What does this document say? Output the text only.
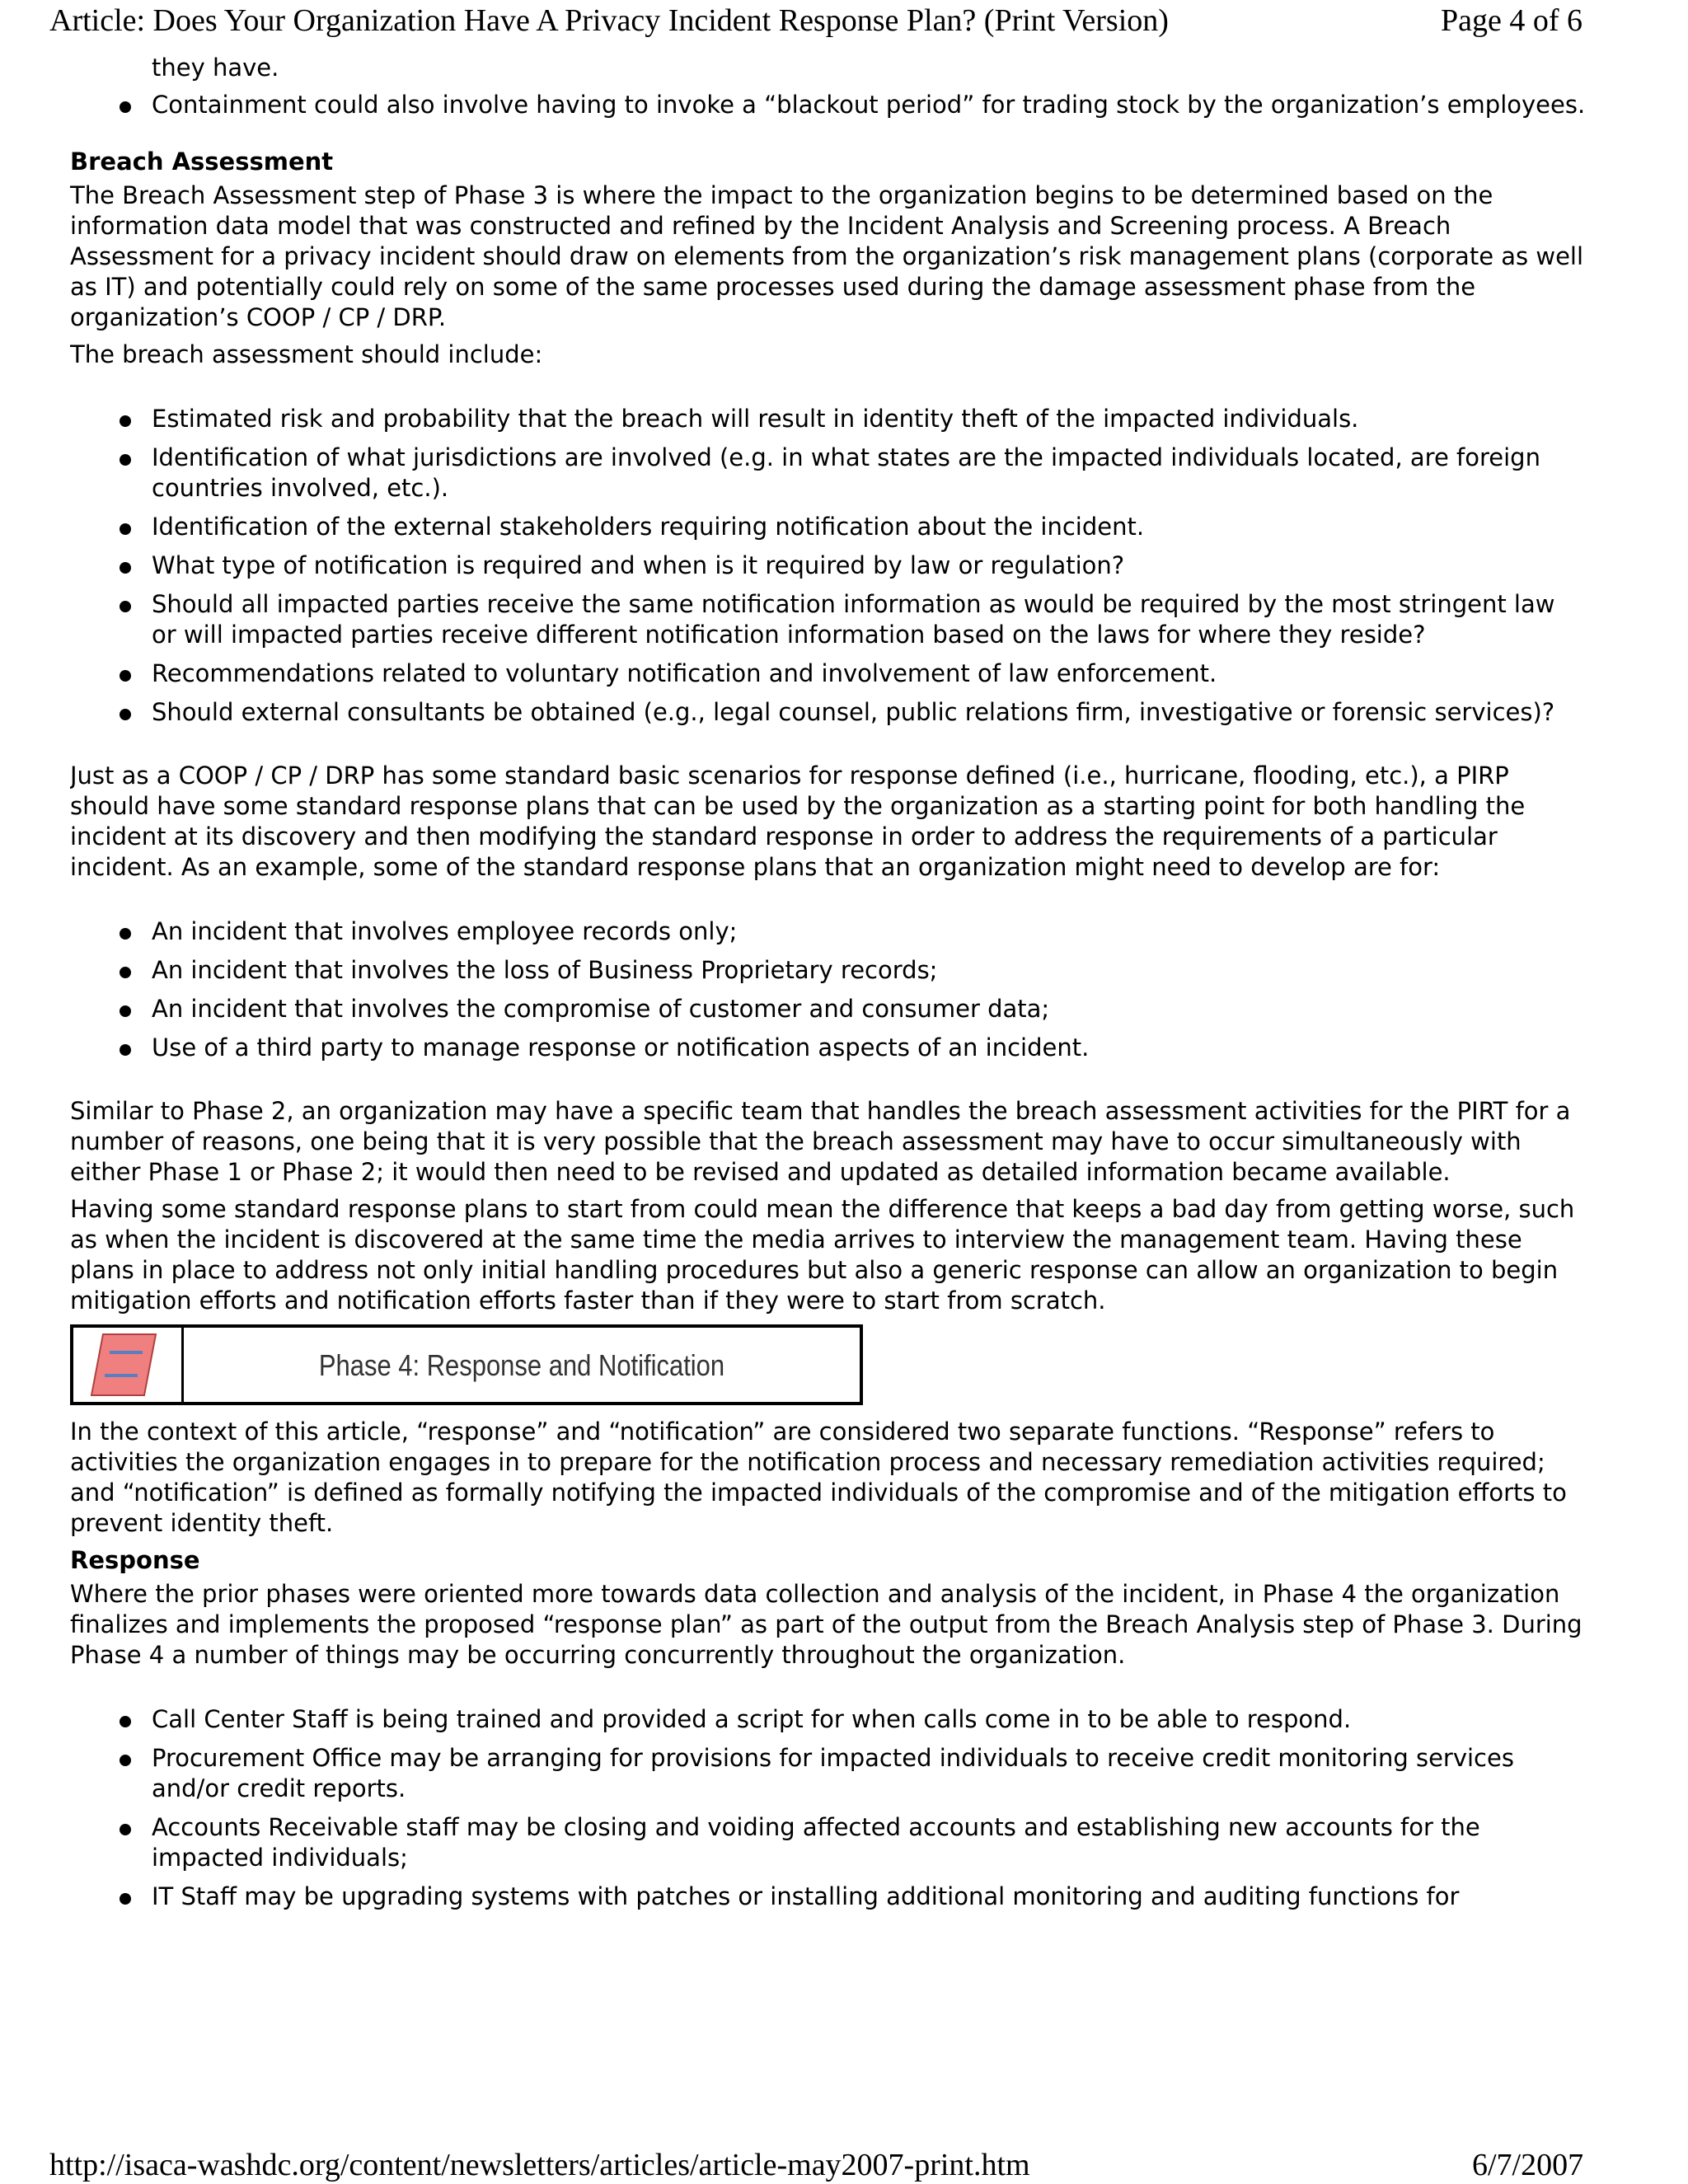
Article: Does Your Organization Have A Privacy Incident Response Plan? (Print Version)	Page 4 of 6

they have.

Containment could also involve having to invoke a “blackout period” for trading stock by the organization’s employees.

Breach Assessment

The Breach Assessment step of Phase 3 is where the impact to the organization begins to be determined based on the information data model that was constructed and refined by the Incident Analysis and Screening process. A Breach Assessment for a privacy incident should draw on elements from the organization’s risk management plans (corporate as well as IT) and potentially could rely on some of the same processes used during the damage assessment phase from the organization’s COOP / CP / DRP.

The breach assessment should include:

Estimated risk and probability that the breach will result in identity theft of the impacted individuals.
Identification of what jurisdictions are involved (e.g. in what states are the impacted individuals located, are foreign countries involved, etc.).
Identification of the external stakeholders requiring notification about the incident.
What type of notification is required and when is it required by law or regulation?
Should all impacted parties receive the same notification information as would be required by the most stringent law or will impacted parties receive different notification information based on the laws for where they reside?
Recommendations related to voluntary notification and involvement of law enforcement.
Should external consultants be obtained (e.g., legal counsel, public relations firm, investigative or forensic services)?

Just as a COOP / CP / DRP has some standard basic scenarios for response defined (i.e., hurricane, flooding, etc.), a PIRP should have some standard response plans that can be used by the organization as a starting point for both handling the incident at its discovery and then modifying the standard response in order to address the requirements of a particular incident. As an example, some of the standard response plans that an organization might need to develop are for:

An incident that involves employee records only;
An incident that involves the loss of Business Proprietary records;
An incident that involves the compromise of customer and consumer data;
Use of a third party to manage response or notification aspects of an incident.

Similar to Phase 2, an organization may have a specific team that handles the breach assessment activities for the PIRT for a number of reasons, one being that it is very possible that the breach assessment may have to occur simultaneously with either Phase 1 or Phase 2; it would then need to be revised and updated as detailed information became available.

Having some standard response plans to start from could mean the difference that keeps a bad day from getting worse, such as when the incident is discovered at the same time the media arrives to interview the management team. Having these plans in place to address not only initial handling procedures but also a generic response can allow an organization to begin mitigation efforts and notification efforts faster than if they were to start from scratch.

Phase 4: Response and Notification

In the context of this article, “response” and “notification” are considered two separate functions. “Response” refers to activities the organization engages in to prepare for the notification process and necessary remediation activities required; and “notification” is defined as formally notifying the impacted individuals of the compromise and of the mitigation efforts to prevent identity theft.

Response

Where the prior phases were oriented more towards data collection and analysis of the incident, in Phase 4 the organization finalizes and implements the proposed “response plan” as part of the output from the Breach Analysis step of Phase 3. During Phase 4 a number of things may be occurring concurrently throughout the organization.

Call Center Staff is being trained and provided a script for when calls come in to be able to respond.
Procurement Office may be arranging for provisions for impacted individuals to receive credit monitoring services and/or credit reports.
Accounts Receivable staff may be closing and voiding affected accounts and establishing new accounts for the impacted individuals;
IT Staff may be upgrading systems with patches or installing additional monitoring and auditing functions for
http://isaca-washdc.org/content/newsletters/articles/article-may2007-print.htm	6/7/2007
